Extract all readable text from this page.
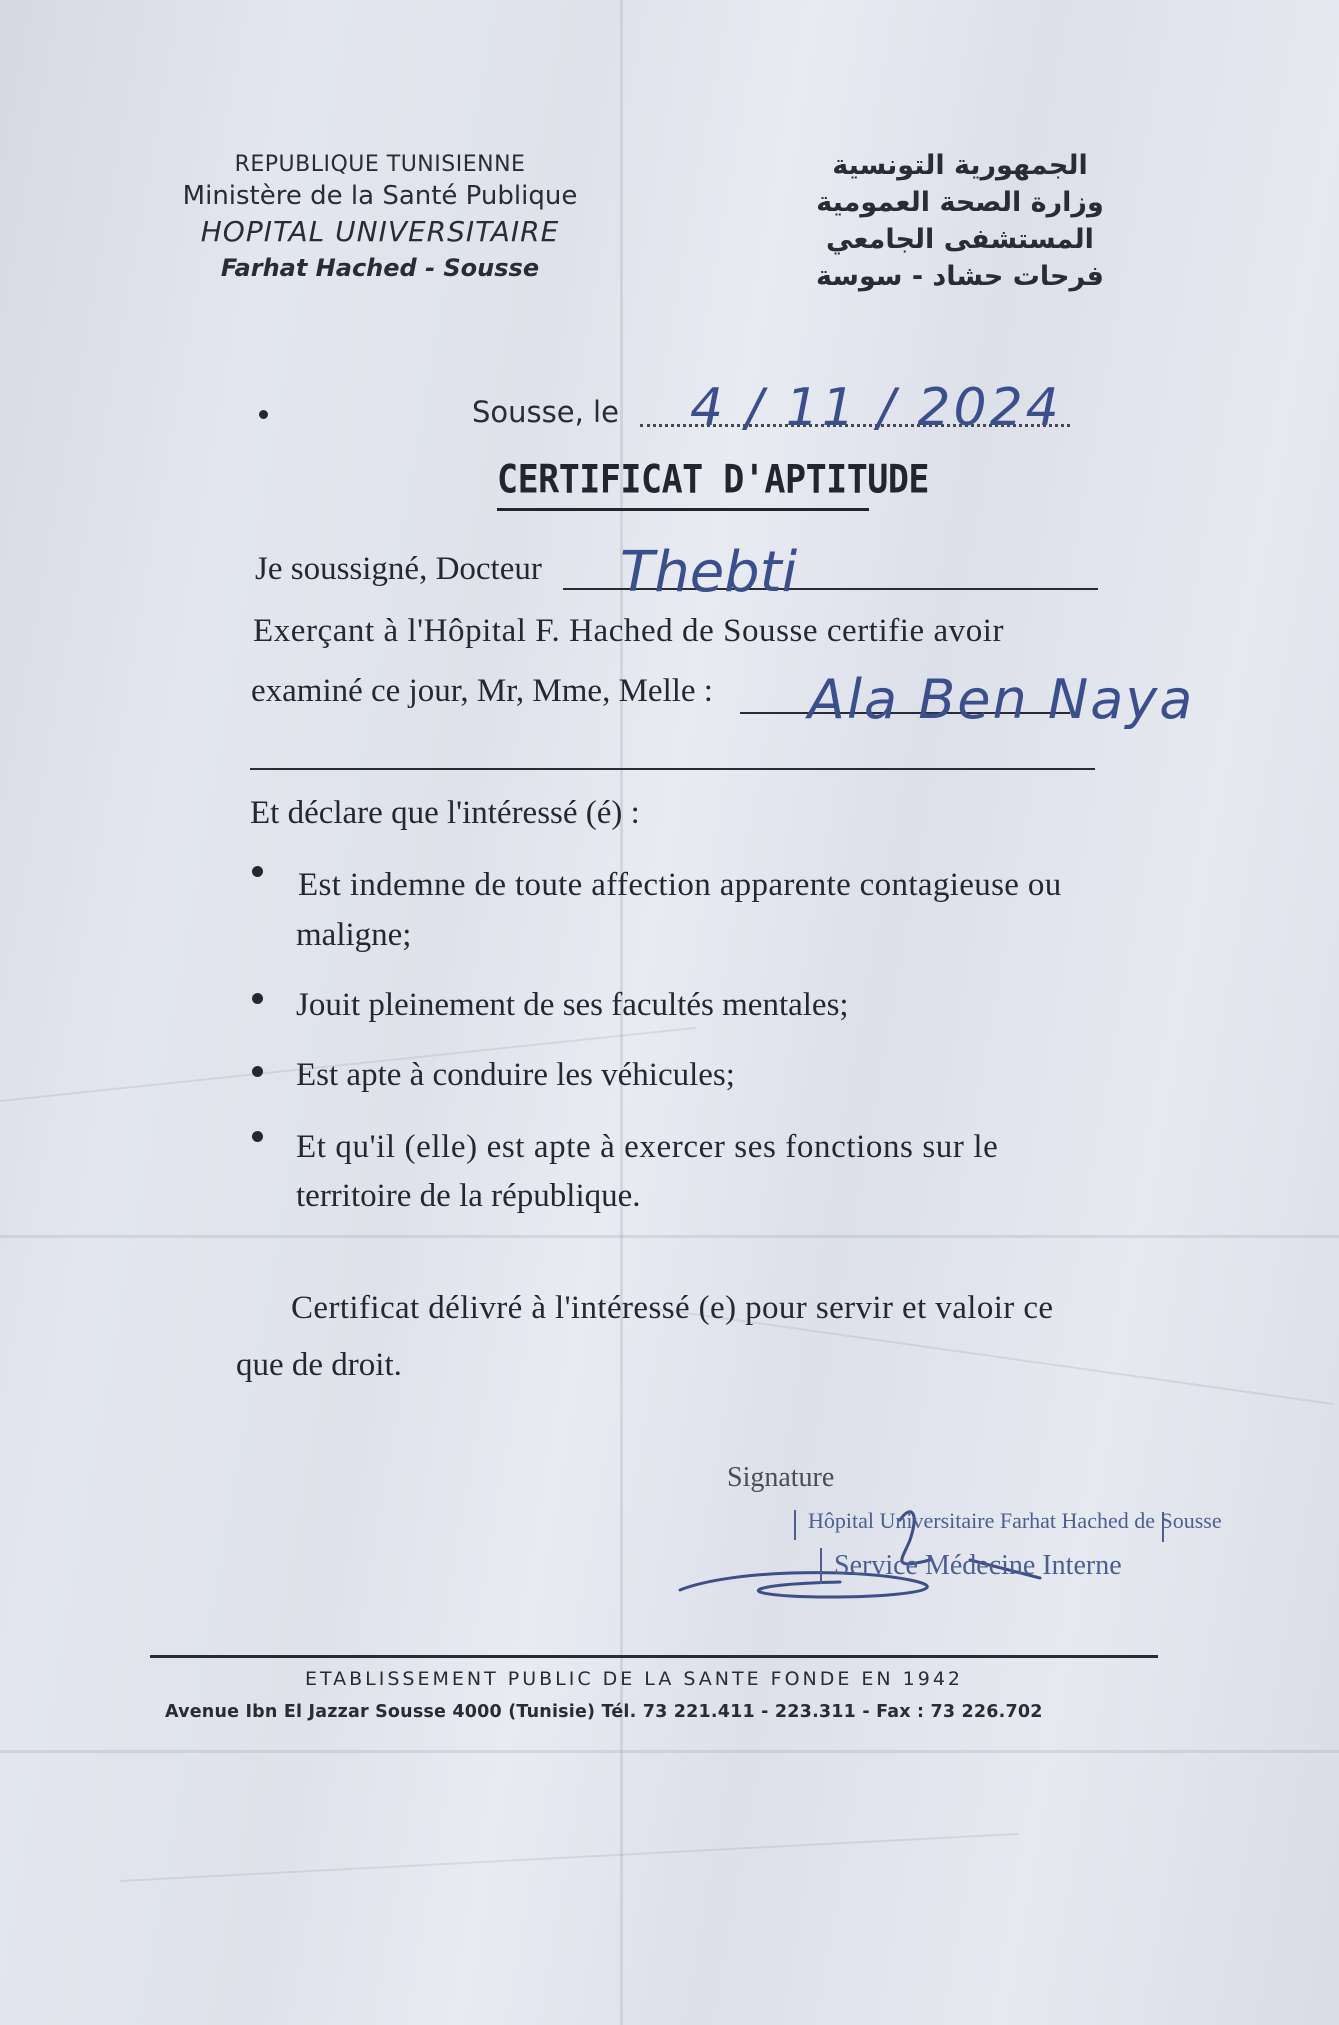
REPUBLIQUE TUNISIENNE
Ministère de la Santé Publique
HOPITAL UNIVERSITAIRE
Farhat Hached - Sousse
الجمهورية التونسية
وزارة الصحة العمومية
المستشفى الجامعي
فرحات حشاد - سوسة
Sousse, le 4 / 11 / 2024
CERTIFICAT D'APTITUDE
Je soussigné, Docteur Thebti
Exerçant à l'Hôpital F. Hached de Sousse certifie avoir
examiné ce jour, Mr, Mme, Melle : Ala Ben Naya
Et déclare que l'intéressé (é) :
Est indemne de toute affection apparente contagieuse ou
maligne;
Jouit pleinement de ses facultés mentales;
Est apte à conduire les véhicules;
Et qu'il (elle) est apte à exercer ses fonctions sur le
territoire de la république.
Certificat délivré à l'intéressé (e) pour servir et valoir ce
que de droit.
Signature
Hôpital Universitaire Farhat Hached de Sousse
Service Médecine Interne
ETABLISSEMENT PUBLIC DE LA SANTE FONDE EN 1942
Avenue Ibn El Jazzar Sousse 4000 (Tunisie) Tél. 73 221.411 - 223.311 - Fax : 73 226.702
